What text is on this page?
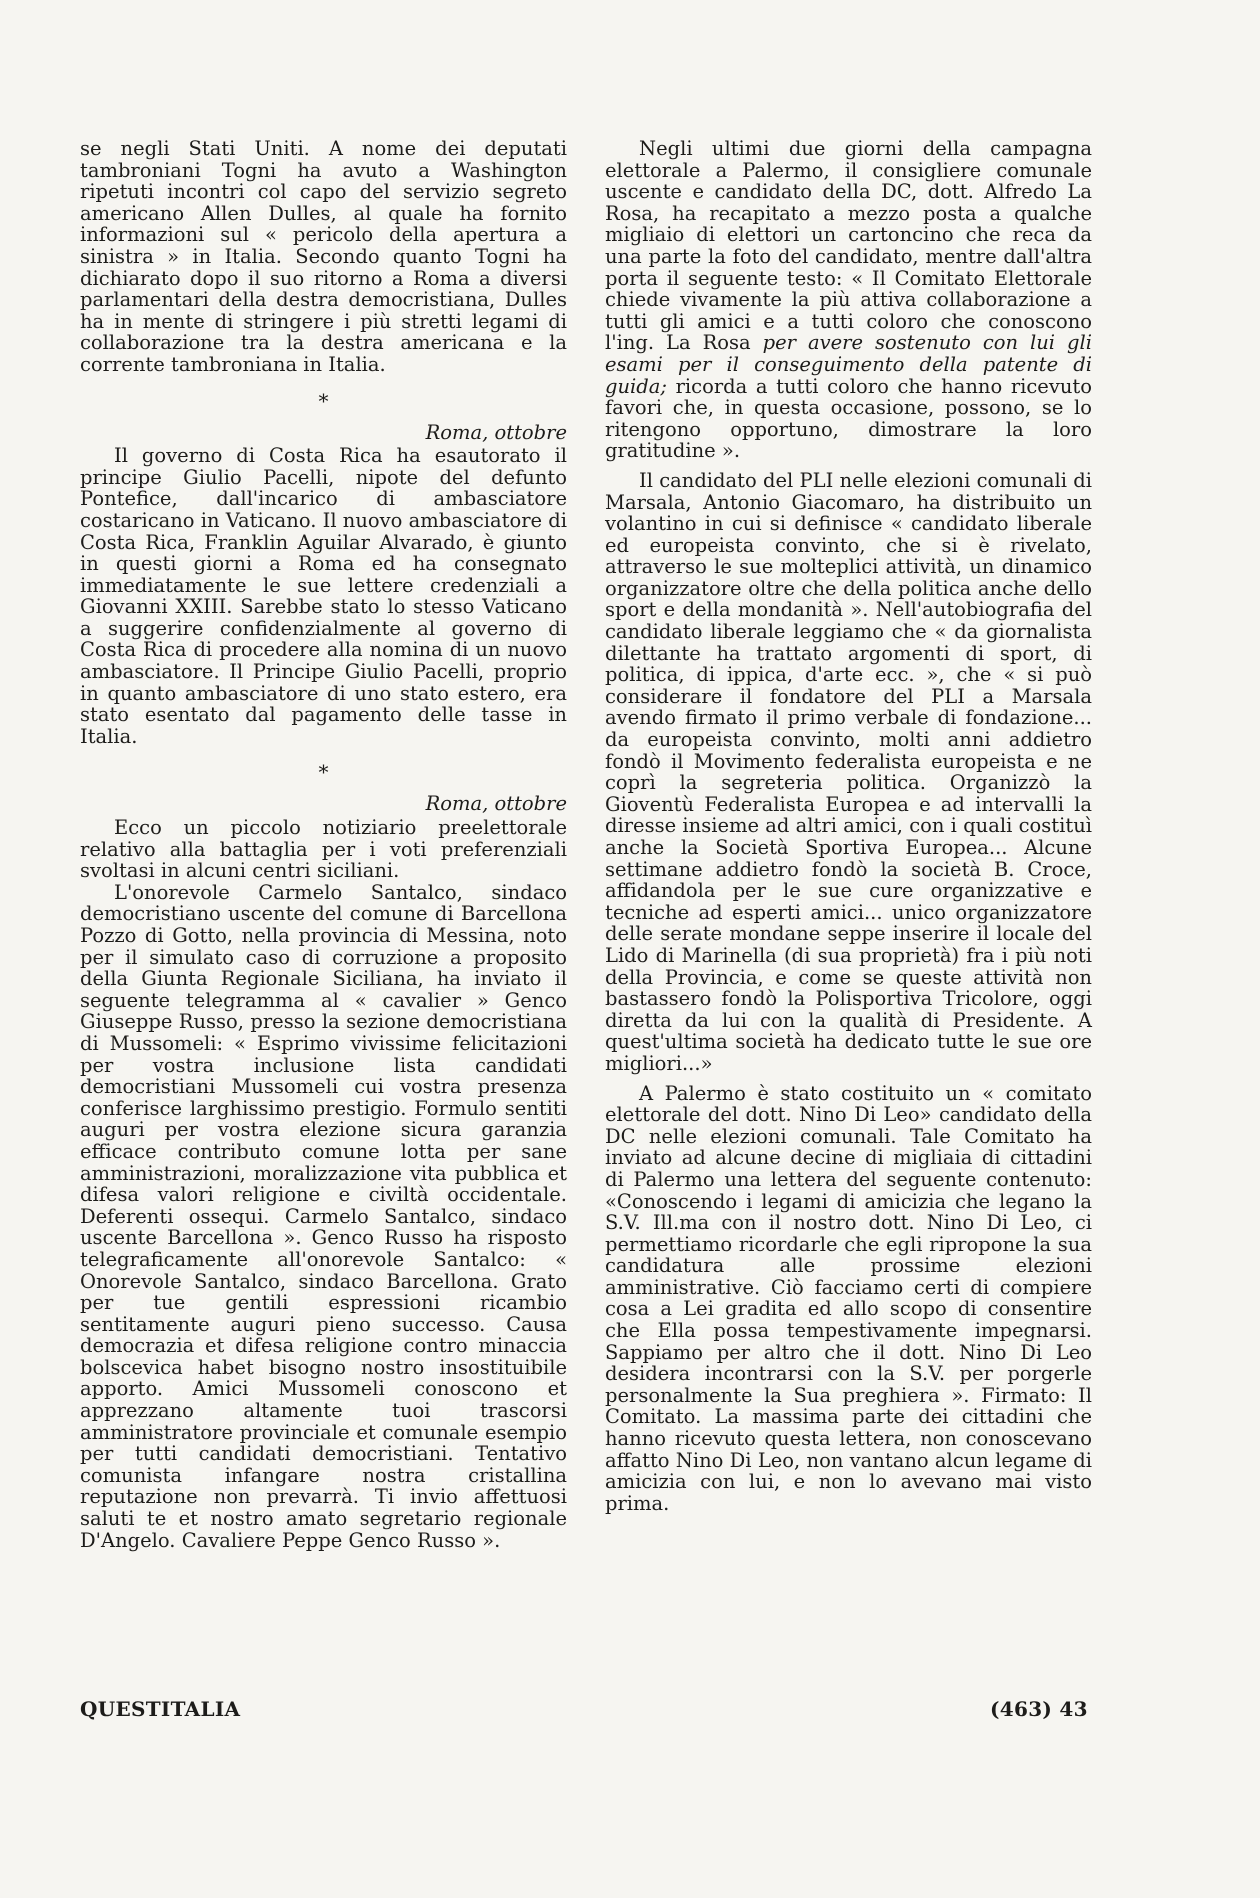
se negli Stati Uniti. A nome dei deputati tambroniani Togni ha avuto a Washington ripetuti incontri col capo del servizio segreto americano Allen Dulles, al quale ha fornito informazioni sul « pericolo della apertura a sinistra » in Italia. Secondo quanto Togni ha dichiarato dopo il suo ritorno a Roma a diversi parlamentari della destra democristiana, Dulles ha in mente di stringere i più stretti legami di collaborazione tra la destra americana e la corrente tambroniana in Italia.

*
Roma, ottobre

Il governo di Costa Rica ha esautorato il principe Giulio Pacelli, nipote del defunto Pontefice, dall'incarico di ambasciatore costaricano in Vaticano. Il nuovo ambasciatore di Costa Rica, Franklin Aguilar Alvarado, è giunto in questi giorni a Roma ed ha consegnato immediatamente le sue lettere credenziali a Giovanni XXIII. Sarebbe stato lo stesso Vaticano a suggerire confidenzialmente al governo di Costa Rica di procedere alla nomina di un nuovo ambasciatore. Il Principe Giulio Pacelli, proprio in quanto ambasciatore di uno stato estero, era stato esentato dal pagamento delle tasse in Italia.

*
Roma, ottobre

Ecco un piccolo notiziario preelettorale relativo alla battaglia per i voti preferenziali svoltasi in alcuni centri siciliani.

L'onorevole Carmelo Santalco, sindaco democristiano uscente del comune di Barcellona Pozzo di Gotto, nella provincia di Messina, noto per il simulato caso di corruzione a proposito della Giunta Regionale Siciliana, ha inviato il seguente telegramma al « cavalier » Genco Giuseppe Russo, presso la sezione democristiana di Mussomeli: « Esprimo vivissime felicitazioni per vostra inclusione lista candidati democristiani Mussomeli cui vostra presenza conferisce larghissimo prestigio. Formulo sentiti auguri per vostra elezione sicura garanzia efficace contributo comune lotta per sane amministrazioni, moralizzazione vita pubblica et difesa valori religione e civiltà occidentale. Deferenti ossequi. Carmelo Santalco, sindaco uscente Barcellona ». Genco Russo ha risposto telegraficamente all'onorevole Santalco: « Onorevole Santalco, sindaco Barcellona. Grato per tue gentili espressioni ricambio sentitamente auguri pieno successo. Causa democrazia et difesa religione contro minaccia bolscevica habet bisogno nostro insostituibile apporto. Amici Mussomeli conoscono et apprezzano altamente tuoi trascorsi amministratore provinciale et comunale esempio per tutti candidati democristiani. Tentativo comunista infangare nostra cristallina reputazione non prevarrà. Ti invio affettuosi saluti te et nostro amato segretario regionale D'Angelo. Cavaliere Peppe Genco Russo ».

Negli ultimi due giorni della campagna elettorale a Palermo, il consigliere comunale uscente e candidato della DC, dott. Alfredo La Rosa, ha recapitato a mezzo posta a qualche migliaio di elettori un cartoncino che reca da una parte la foto del candidato, mentre dall'altra porta il seguente testo: « Il Comitato Elettorale chiede vivamente la più attiva collaborazione a tutti gli amici e a tutti coloro che conoscono l'ing. La Rosa per avere sostenuto con lui gli esami per il conseguimento della patente di guida; ricorda a tutti coloro che hanno ricevuto favori che, in questa occasione, possono, se lo ritengono opportuno, dimostrare la loro gratitudine ».

Il candidato del PLI nelle elezioni comunali di Marsala, Antonio Giacomaro, ha distribuito un volantino in cui si definisce « candidato liberale ed europeista convinto, che si è rivelato, attraverso le sue molteplici attività, un dinamico organizzatore oltre che della politica anche dello sport e della mondanità ». Nell'autobiografia del candidato liberale leggiamo che « da giornalista dilettante ha trattato argomenti di sport, di politica, di ippica, d'arte ecc. », che « si può considerare il fondatore del PLI a Marsala avendo firmato il primo verbale di fondazione... da europeista convinto, molti anni addietro fondò il Movimento federalista europeista e ne coprì la segreteria politica. Organizzò la Gioventù Federalista Europea e ad intervalli la diresse insieme ad altri amici, con i quali costituì anche la Società Sportiva Europea... Alcune settimane addietro fondò la società B. Croce, affidandola per le sue cure organizzative e tecniche ad esperti amici... unico organizzatore delle serate mondane seppe inserire il locale del Lido di Marinella (di sua proprietà) fra i più noti della Provincia, e come se queste attività non bastassero fondò la Polisportiva Tricolore, oggi diretta da lui con la qualità di Presidente. A quest'ultima società ha dedicato tutte le sue ore migliori...»

A Palermo è stato costituito un « comitato elettorale del dott. Nino Di Leo» candidato della DC nelle elezioni comunali. Tale Comitato ha inviato ad alcune decine di migliaia di cittadini di Palermo una lettera del seguente contenuto: «Conoscendo i legami di amicizia che legano la S.V. Ill.ma con il nostro dott. Nino Di Leo, ci permettiamo ricordarle che egli ripropone la sua candidatura alle prossime elezioni amministrative. Ciò facciamo certi di compiere cosa a Lei gradita ed allo scopo di consentire che Ella possa tempestivamente impegnarsi. Sappiamo per altro che il dott. Nino Di Leo desidera incontrarsi con la S.V. per porgerle personalmente la Sua preghiera ». Firmato: Il Comitato. La massima parte dei cittadini che hanno ricevuto questa lettera, non conoscevano affatto Nino Di Leo, non vantano alcun legame di amicizia con lui, e non lo avevano mai visto prima.

QUESTITALIA	(463) 43
